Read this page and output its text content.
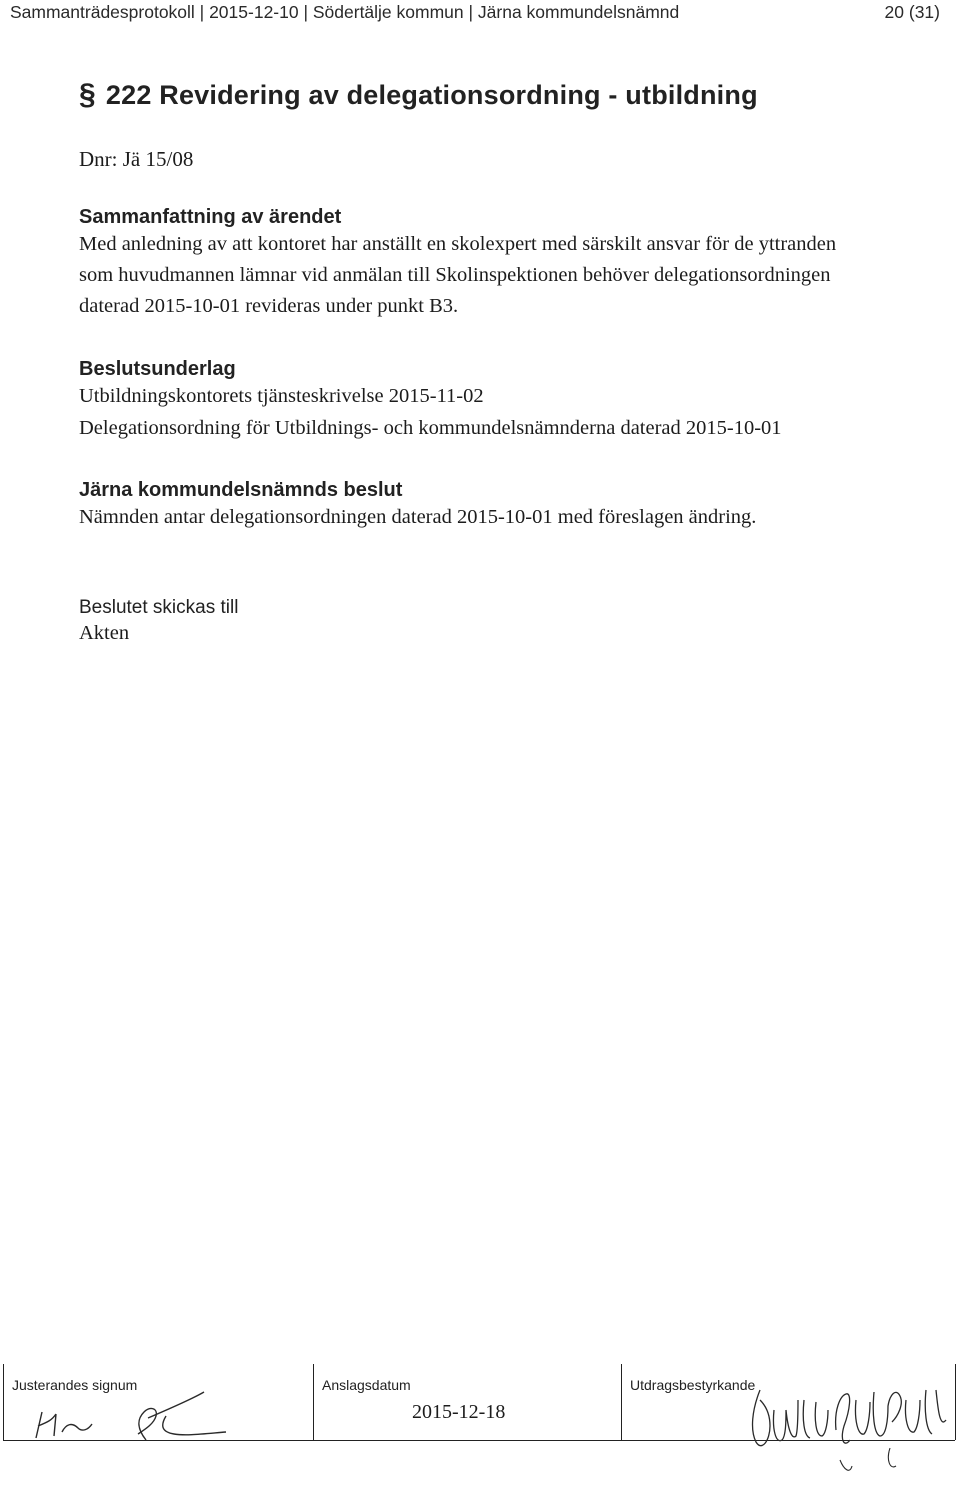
Sammanträdesprotokoll | 2015-12-10 | Södertälje kommun | Järna kommundelsnämnd	20 (31)
§ 222 Revidering av delegationsordning - utbildning
Dnr: Jä 15/08
Sammanfattning av ärendet
Med anledning av att kontoret har anställt en skolexpert med särskilt ansvar för de yttranden
som huvudmannen lämnar vid anmälan till Skolinspektionen behöver delegationsordningen
daterad 2015-10-01 revideras under punkt B3.
Beslutsunderlag
Utbildningskontorets tjänsteskrivelse 2015-11-02
Delegationsordning för Utbildnings- och kommundelsnämnderna daterad 2015-10-01
Järna kommundelsnämnds beslut
Nämnden antar delegationsordningen daterad 2015-10-01 med föreslagen ändring.
Beslutet skickas till
Akten
Justerandes signum	Anslagsdatum
2015-12-18
Utdragsbestyrkande
